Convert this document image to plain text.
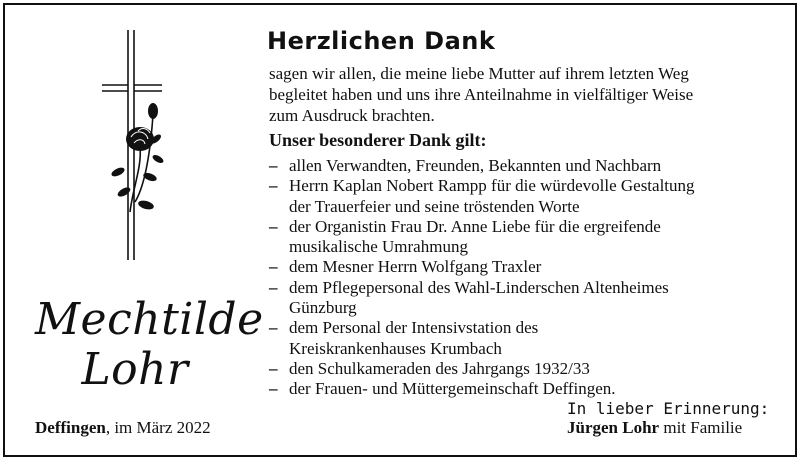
Mechtilde
Lohr
Deffingen, im März 2022
Herzlichen Dank
sagen wir allen, die meine liebe Mutter auf ihrem letzten Weg
begleitet haben und uns ihre Anteilnahme in vielfältiger Weise
zum Ausdruck brachten.
Unser besonderer Dank gilt:
– allen Verwandten, Freunden, Bekannten und Nachbarn
– Herrn Kaplan Nobert Rampp für die würdevolle Gestaltung
der Trauerfeier und seine tröstenden Worte
– der Organistin Frau Dr. Anne Liebe für die ergreifende
musikalische Umrahmung
– dem Mesner Herrn Wolfgang Traxler
– dem Pflegepersonal des Wahl-Linderschen Altenheimes
Günzburg
– dem Personal der Intensivstation des
Kreiskrankenhauses Krumbach
– den Schulkameraden des Jahrgangs 1932/33
– der Frauen- und Müttergemeinschaft Deffingen.
In lieber Erinnerung:
Jürgen Lohr mit Familie
